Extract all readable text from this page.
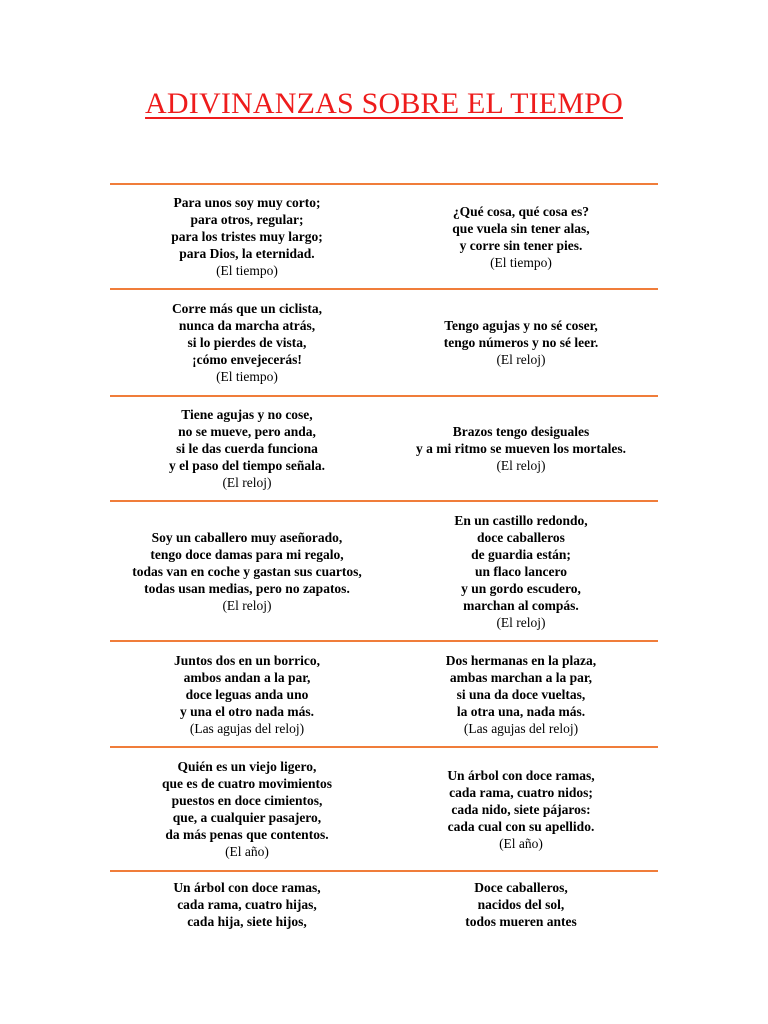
ADIVINANZAS SOBRE EL TIEMPO
Para unos soy muy corto;
para otros, regular;
para los tristes muy largo;
para Dios, la eternidad.
(El tiempo)
¿Qué cosa, qué cosa es?
que vuela sin tener alas,
y corre sin tener pies.
(El tiempo)
Corre más que un ciclista,
nunca da marcha atrás,
si lo pierdes de vista,
¡cómo envejecerás!
(El tiempo)
Tengo agujas y no sé coser,
tengo números y no sé leer.
(El reloj)
Tiene agujas y no cose,
no se mueve, pero anda,
si le das cuerda funciona
y el paso del tiempo señala.
(El reloj)
Brazos tengo desiguales
y a mi ritmo se mueven los mortales.
(El reloj)
Soy un caballero muy aseñorado,
tengo doce damas para mi regalo,
todas van en coche y gastan sus cuartos,
todas usan medias, pero no zapatos.
(El reloj)
En un castillo redondo,
doce caballeros
de guardia están;
un flaco lancero
y un gordo escudero,
marchan al compás.
(El reloj)
Juntos dos en un borrico,
ambos andan a la par,
doce leguas anda uno
y una el otro nada más.
(Las agujas del reloj)
Dos hermanas en la plaza,
ambas marchan a la par,
si una da doce vueltas,
la otra una, nada más.
(Las agujas del reloj)
Quién es un viejo ligero,
que es de cuatro movimientos
puestos en doce cimientos,
que, a cualquier pasajero,
da más penas que contentos.
(El año)
Un árbol con doce ramas,
cada rama, cuatro nidos;
cada nido, siete pájaros:
cada cual con su apellido.
(El año)
Un árbol con doce ramas,
cada rama, cuatro hijas,
cada hija, siete hijos,
Doce caballeros,
nacidos del sol,
todos mueren antes
